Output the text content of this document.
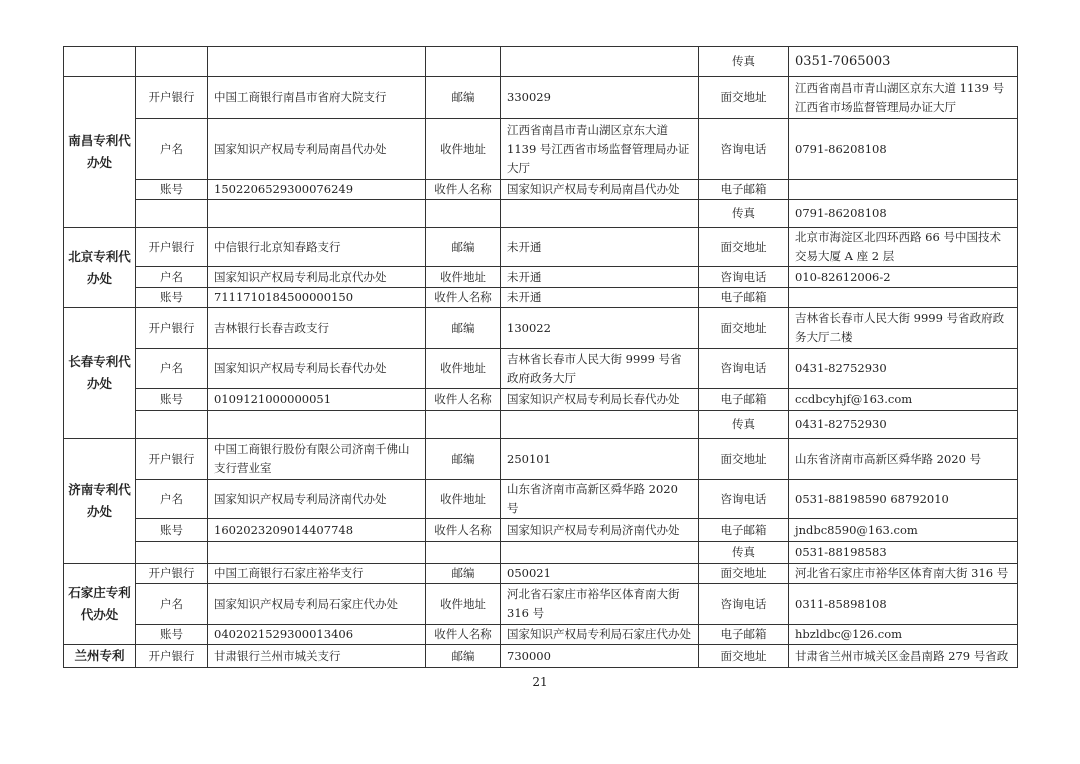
					传真	0351-7065003
南昌专利代办处	开户银行	中国工商银行南昌市省府大院支行	邮编	330029	面交地址	江西省南昌市青山湖区京东大道 1139 号江西省市场监督管理局办证大厅
	户名	国家知识产权局专利局南昌代办处	收件地址	江西省南昌市青山湖区京东大道 1139 号江西省市场监督管理局办证大厅	咨询电话	0791-86208108
	账号	1502206529300076249	收件人名称	国家知识产权局专利局南昌代办处	电子邮箱	
					传真	0791-86208108
北京专利代办处	开户银行	中信银行北京知春路支行	邮编	未开通	面交地址	北京市海淀区北四环西路 66 号中国技术交易大厦 A 座 2 层
	户名	国家知识产权局专利局北京代办处	收件地址	未开通	咨询电话	010-82612006-2
	账号	7111710184500000150	收件人名称	未开通	电子邮箱	
长春专利代办处	开户银行	吉林银行长春吉政支行	邮编	130022	面交地址	吉林省长春市人民大街 9999 号省政府政务大厅二楼
	户名	国家知识产权局专利局长春代办处	收件地址	吉林省长春市人民大街 9999 号省政府政务大厅	咨询电话	0431-82752930
	账号	0109121000000051	收件人名称	国家知识产权局专利局长春代办处	电子邮箱	ccdbcyhjf@163.com
					传真	0431-82752930
济南专利代办处	开户银行	中国工商银行股份有限公司济南千佛山支行营业室	邮编	250101	面交地址	山东省济南市高新区舜华路 2020 号
	户名	国家知识产权局专利局济南代办处	收件地址	山东省济南市高新区舜华路 2020 号	咨询电话	0531-88198590 68792010
	账号	1602023209014407748	收件人名称	国家知识产权局专利局济南代办处	电子邮箱	jndbc8590@163.com
					传真	0531-88198583
石家庄专利代办处	开户银行	中国工商银行石家庄裕华支行	邮编	050021	面交地址	河北省石家庄市裕华区体育南大街 316 号
	户名	国家知识产权局专利局石家庄代办处	收件地址	河北省石家庄市裕华区体育南大街 316 号	咨询电话	0311-85898108
	账号	0402021529300013406	收件人名称	国家知识产权局专利局石家庄代办处	电子邮箱	hbzldbc@126.com
兰州专利	开户银行	甘肃银行兰州市城关支行	邮编	730000	面交地址	甘肃省兰州市城关区金昌南路 279 号省政
21
